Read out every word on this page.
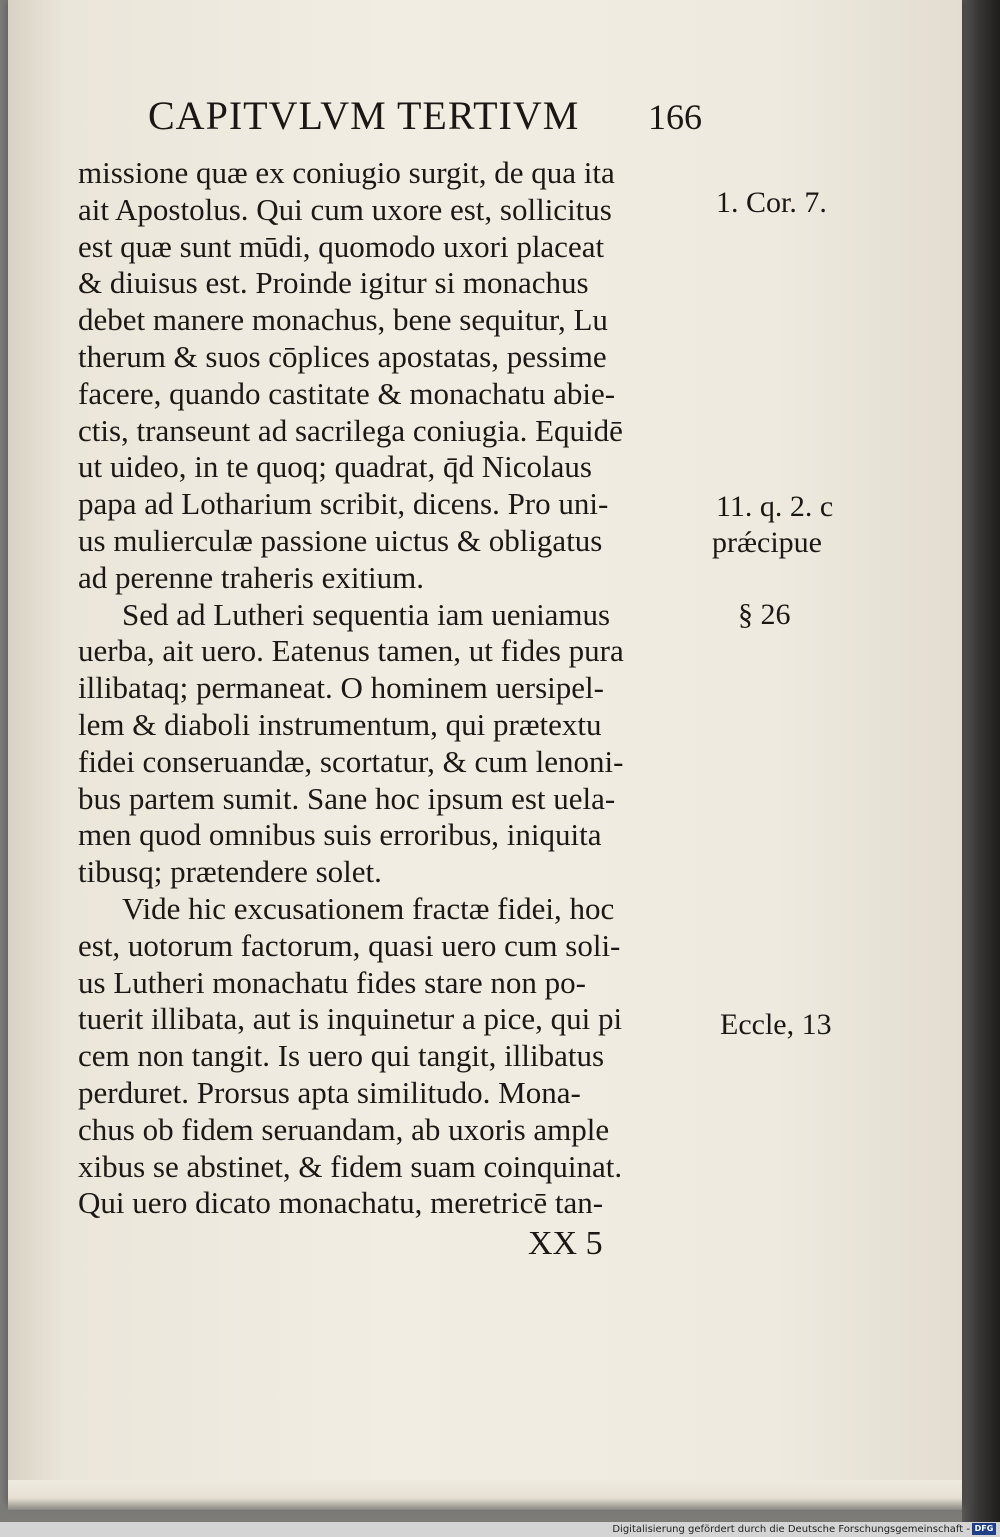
CAPITVLVM TERTIVM	166
missione quæ ex coniugio surgit, de qua ita
ait Apostolus. Qui cum uxore est, sollicitus
est quæ sunt mūdi, quomodo uxori placeat
& diuisus est. Proinde igitur si monachus
debet manere monachus, bene sequitur, Lu
therum & suos cōplices apostatas, pessime
facere, quando castitate & monachatu abie-
ctis, transeunt ad sacrilega coniugia. Equidē
ut uideo, in te quoq; quadrat, q̄d Nicolaus
papa ad Lotharium scribit, dicens. Pro uni-
us mulierculæ passione uictus & obligatus
ad perenne traheris exitium.
Sed ad Lutheri sequentia iam ueniamus
uerba, ait uero. Eatenus tamen, ut fides pura
illibataq; permaneat. O hominem uersipel-
lem & diaboli instrumentum, qui prætextu
fidei conseruandæ, scortatur, & cum lenoni-
bus partem sumit. Sane hoc ipsum est uela-
men quod omnibus suis erroribus, iniquita
tibusq; prætendere solet.
Vide hic excusationem fractæ fidei, hoc
est, uotorum factorum, quasi uero cum soli-
us Lutheri monachatu fides stare non po-
tuerit illibata, aut is inquinetur a pice, qui pi
cem non tangit. Is uero qui tangit, illibatus
perduret. Prorsus apta similitudo. Mona-
chus ob fidem seruandam, ab uxoris ample
xibus se abstinet, & fidem suam coinquinat.
Qui uero dicato monachatu, meretricē tan-
1. Cor. 7.
11. q. 2. c
prǽcipue
§ 26
Eccle, 13
XX 5
Digitalisierung gefördert durch die Deutsche Forschungsgemeinschaft - DFG
